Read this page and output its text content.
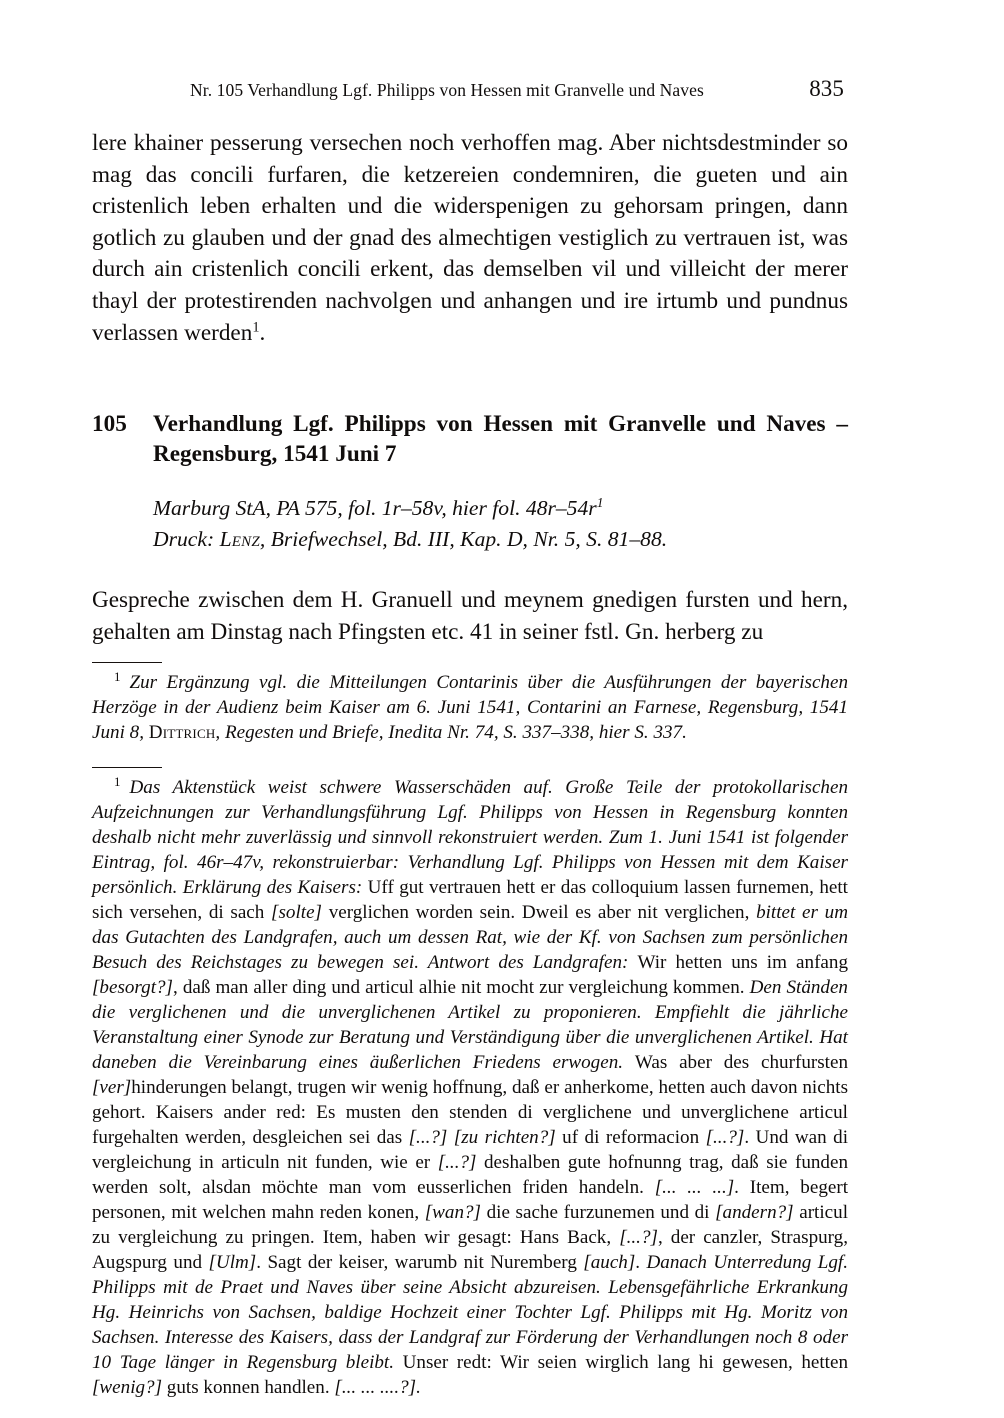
Nr. 105 Verhandlung Lgf. Philipps von Hessen mit Granvelle und Naves	835

lere khainer pesserung versechen noch verhoffen mag. Aber nichtsdestminder so mag das concili furfaren, die ketzereien condemniren, die gueten und ain cristenlich leben erhalten und die widerspenigen zu gehorsam pringen, dann gotlich zu glauben und der gnad des almechtigen vestiglich zu vertrauen ist, was durch ain cristenlich concili erkent, das demselben vil und villeicht der merer thayl der protestirenden nachvolgen und anhangen und ire irtumb und pundnus verlassen werden$^1$.

105 Verhandlung Lgf. Philipps von Hessen mit Granvelle und Naves – Regensburg, 1541 Juni 7
Marburg StA, PA 575, fol. 1r–58v, hier fol. 48r–54r$^1$
Druck: Lenz, Briefwechsel, Bd. III, Kap. D, Nr. 5, S. 81–88.

Gespreche zwischen dem H. Granuell und meynem gnedigen fursten und hern, gehalten am Dinstag nach Pfingsten etc. 41 in seiner fstl. Gn. herberg zu

$^1$ Zur Ergänzung vgl. die Mitteilungen Contarinis über die Ausführungen der bayerischen Herzöge in der Audienz beim Kaiser am 6. Juni 1541, Contarini an Farnese, Regensburg, 1541 Juni 8, Dittrich, Regesten und Briefe, Inedita Nr. 74, S. 337–338, hier S. 337.
$^1$ Das Aktenstück weist schwere Wasserschäden auf. Große Teile der protokollarischen Aufzeichnungen zur Verhandlungsführung Lgf. Philipps von Hessen in Regensburg konnten deshalb nicht mehr zuverlässig und sinnvoll rekonstruiert werden. Zum 1. Juni 1541 ist folgender Eintrag, fol. 46r–47v, rekonstruierbar: Verhandlung Lgf. Philipps von Hessen mit dem Kaiser persönlich. Erklärung des Kaisers: Uff gut vertrauen hett er das colloquium lassen furnemen, hett sich versehen, di sach [solte] verglichen worden sein. Dweil es aber nit verglichen, bittet er um das Gutachten des Landgrafen, auch um dessen Rat, wie der Kf. von Sachsen zum persönlichen Besuch des Reichstages zu bewegen sei. Antwort des Landgrafen: Wir hetten uns im anfang [besorgt?], daß man aller ding und articul alhie nit mocht zur vergleichung kommen. Den Ständen die verglichenen und die unverglichenen Artikel zu proponieren. Empfiehlt die jährliche Veranstaltung einer Synode zur Beratung und Verständigung über die unverglichenen Artikel. Hat daneben die Vereinbarung eines äußerlichen Friedens erwogen. Was aber des churfursten [ver]hinderungen belangt, trugen wir wenig hoffnung, daß er anherkome, hetten auch davon nichts gehort. Kaisers ander red: Es musten den stenden di verglichene und unverglichene articul furgehalten werden, desgleichen sei das [...?] [zu richten?] uf di reformacion [...?]. Und wan di vergleichung in articuln nit funden, wie er [...?] deshalben gute hofnunng trag, daß sie funden werden solt, alsdan möchte man vom eusserlichen friden handeln. [... ... ...]. Item, begert personen, mit welchen mahn reden konen, [wan?] die sache furzunemen und di [andern?] articul zu vergleichung zu pringen. Item, haben wir gesagt: Hans Back, [...?], der canzler, Straspurg, Augspurg und [Ulm]. Sagt der keiser, warumb nit Nuremberg [auch]. Danach Unterredung Lgf. Philipps mit de Praet und Naves über seine Absicht abzureisen. Lebensgefährliche Erkrankung Hg. Heinrichs von Sachsen, baldige Hochzeit einer Tochter Lgf. Philipps mit Hg. Moritz von Sachsen. Interesse des Kaisers, dass der Landgraf zur Förderung der Verhandlungen noch 8 oder 10 Tage länger in Regensburg bleibt. Unser redt: Wir seien wirglich lang hi gewesen, hetten [wenig?] guts konnen handlen. [... ... ....?].
